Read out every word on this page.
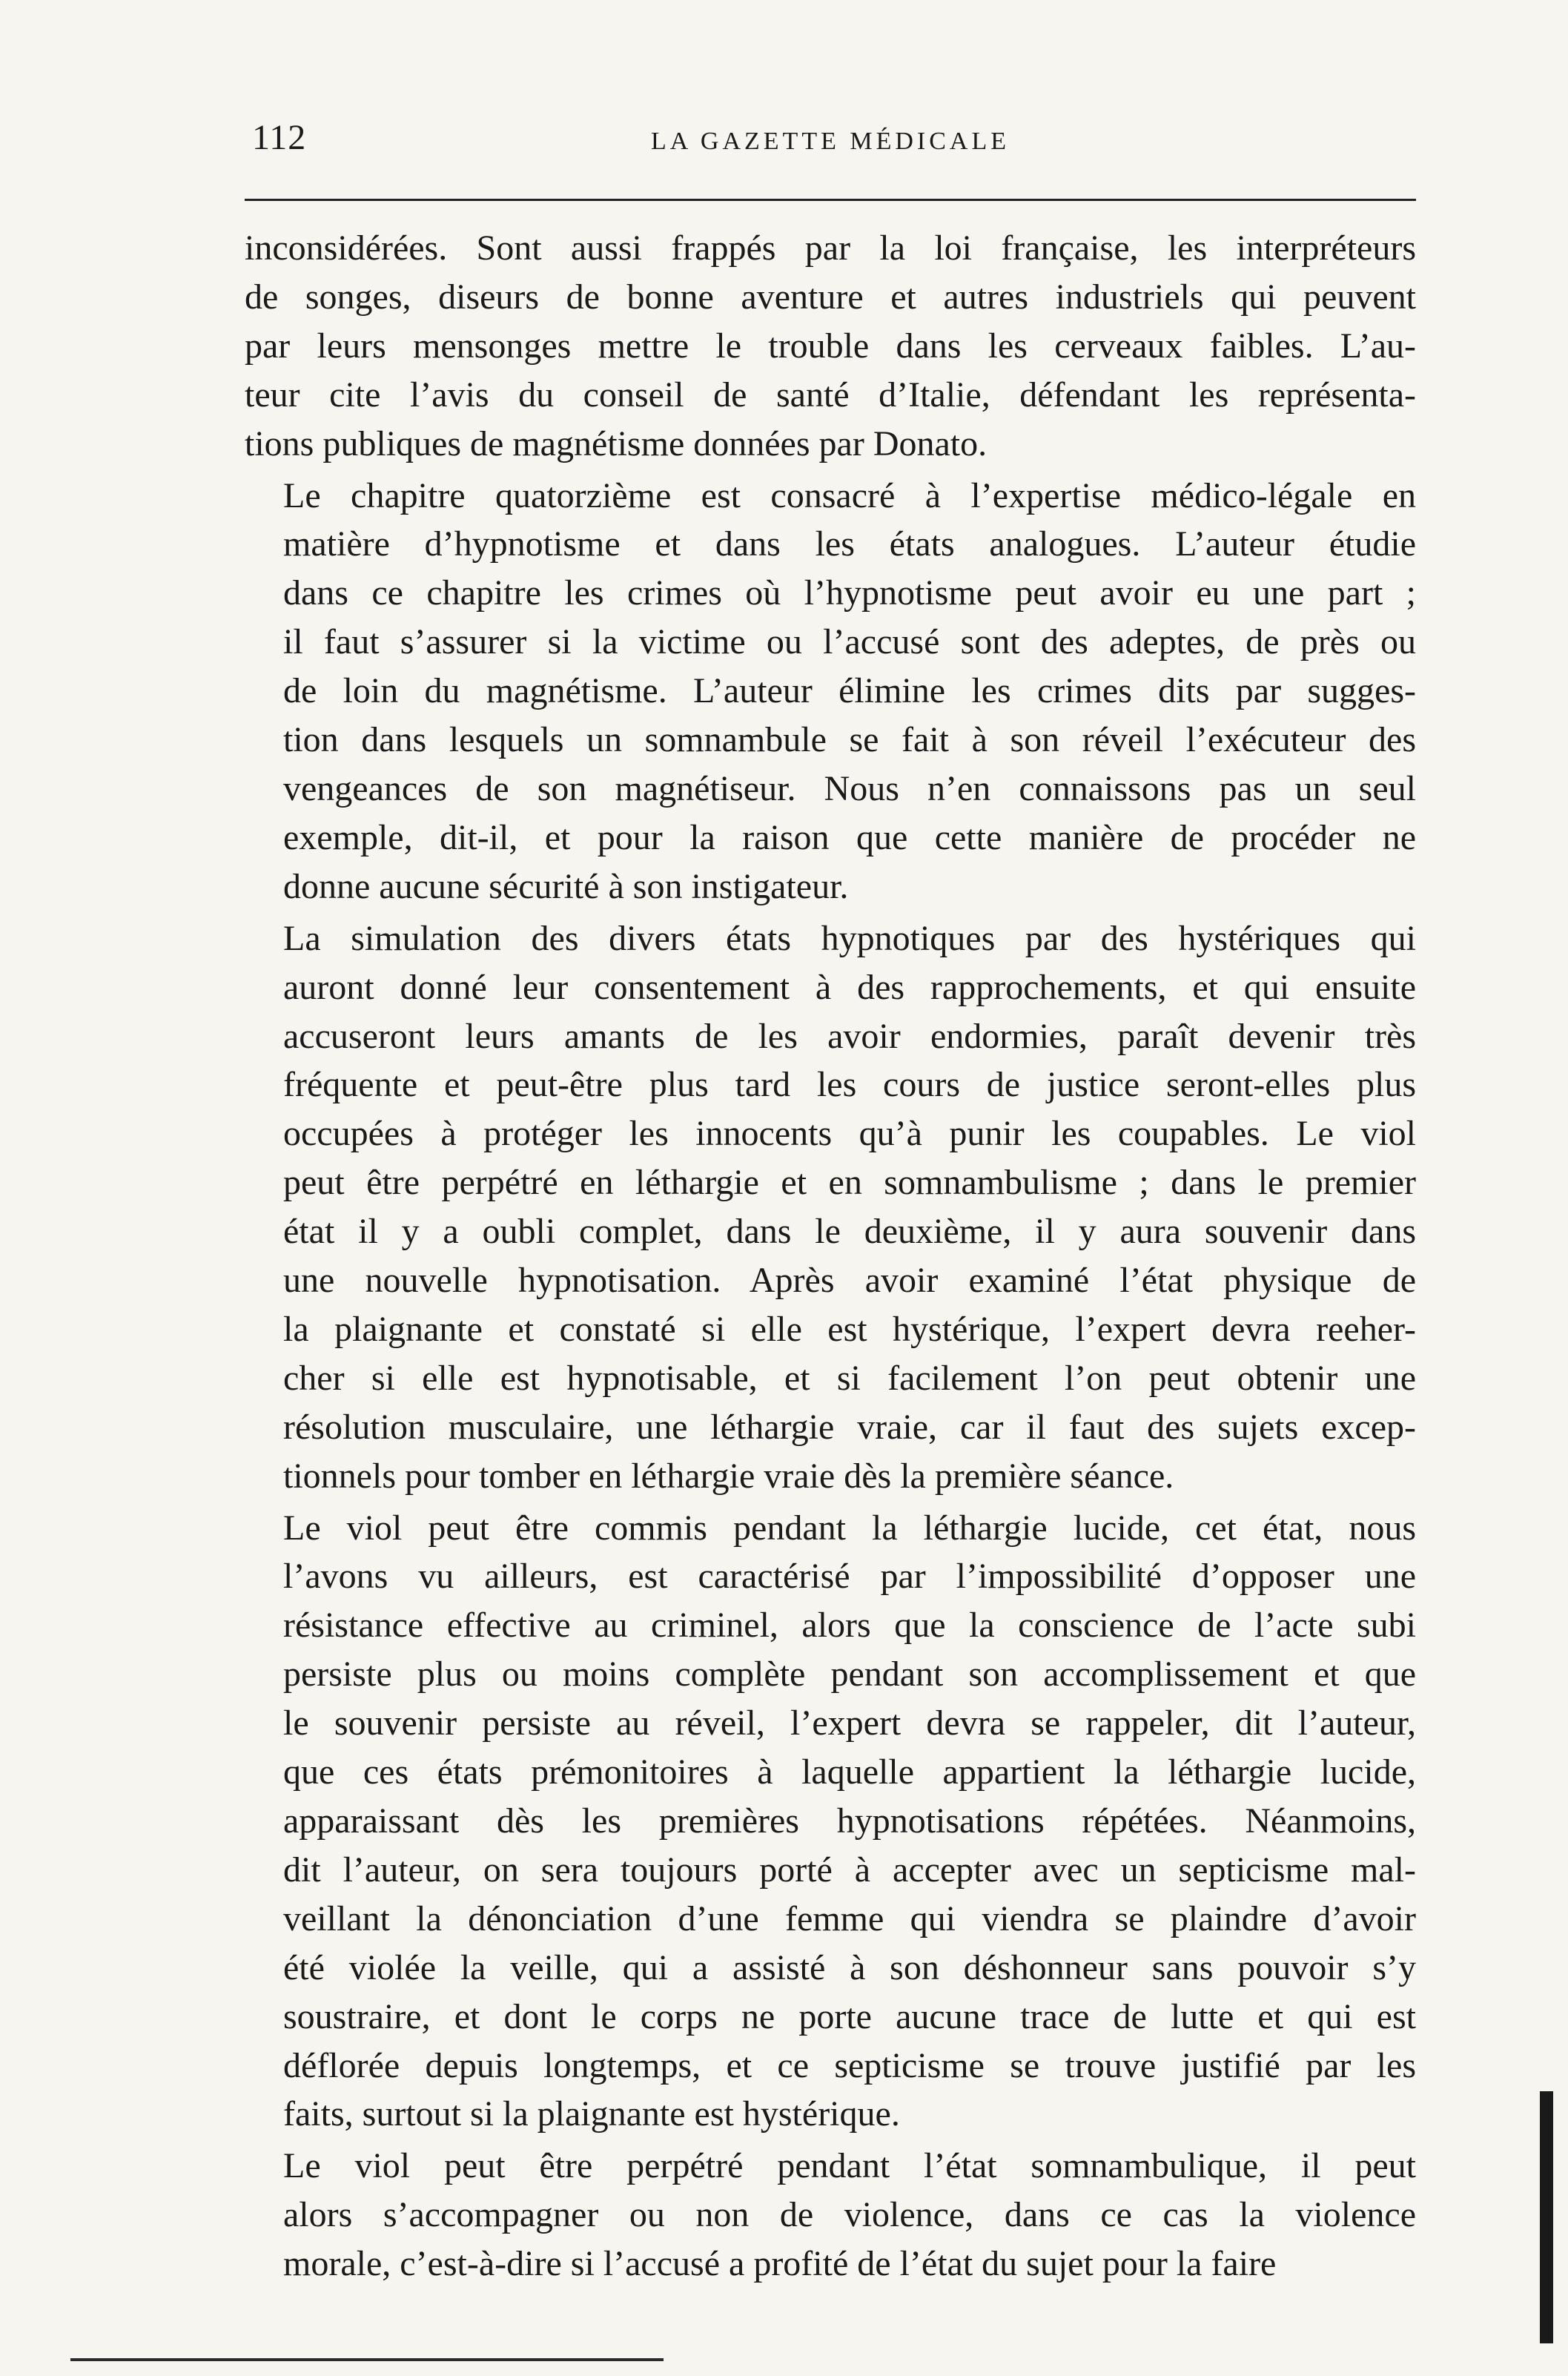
112	LA GAZETTE MÉDICALE

inconsidérées. Sont aussi frappés par la loi française, les interpréteurs
de songes, diseurs de bonne aventure et autres industriels qui peuvent
par leurs mensonges mettre le trouble dans les cerveaux faibles. L’au-
teur cite l’avis du conseil de santé d’Italie, défendant les représenta-
tions publiques de magnétisme données par Donato.

Le chapitre quatorzième est consacré à l’expertise médico-légale en
matière d’hypnotisme et dans les états analogues. L’auteur étudie
dans ce chapitre les crimes où l’hypnotisme peut avoir eu une part ;
il faut s’assurer si la victime ou l’accusé sont des adeptes, de près ou
de loin du magnétisme. L’auteur élimine les crimes dits par sugges-
tion dans lesquels un somnambule se fait à son réveil l’exécuteur des
vengeances de son magnétiseur. Nous n’en connaissons pas un seul
exemple, dit-il, et pour la raison que cette manière de procéder ne
donne aucune sécurité à son instigateur.

La simulation des divers états hypnotiques par des hystériques qui
auront donné leur consentement à des rapprochements, et qui ensuite
accuseront leurs amants de les avoir endormies, paraît devenir très
fréquente et peut-être plus tard les cours de justice seront-elles plus
occupées à protéger les innocents qu’à punir les coupables. Le viol
peut être perpétré en léthargie et en somnambulisme ; dans le premier
état il y a oubli complet, dans le deuxième, il y aura souvenir dans
une nouvelle hypnotisation. Après avoir examiné l’état physique de
la plaignante et constaté si elle est hystérique, l’expert devra reeher-
cher si elle est hypnotisable, et si facilement l’on peut obtenir une
résolution musculaire, une léthargie vraie, car il faut des sujets excep-
tionnels pour tomber en léthargie vraie dès la première séance.

Le viol peut être commis pendant la léthargie lucide, cet état, nous
l’avons vu ailleurs, est caractérisé par l’impossibilité d’opposer une
résistance effective au criminel, alors que la conscience de l’acte subi
persiste plus ou moins complète pendant son accomplissement et que
le souvenir persiste au réveil, l’expert devra se rappeler, dit l’auteur,
que ces états prémonitoires à laquelle appartient la léthargie lucide,
apparaissant dès les premières hypnotisations répétées. Néanmoins,
dit l’auteur, on sera toujours porté à accepter avec un septicisme mal-
veillant la dénonciation d’une femme qui viendra se plaindre d’avoir
été violée la veille, qui a assisté à son déshonneur sans pouvoir s’y
soustraire, et dont le corps ne porte aucune trace de lutte et qui est
déflorée depuis longtemps, et ce septicisme se trouve justifié par les
faits, surtout si la plaignante est hystérique.

Le viol peut être perpétré pendant l’état somnambulique, il peut
alors s’accompagner ou non de violence, dans ce cas la violence
morale, c’est-à-dire si l’accusé a profité de l’état du sujet pour la faire
